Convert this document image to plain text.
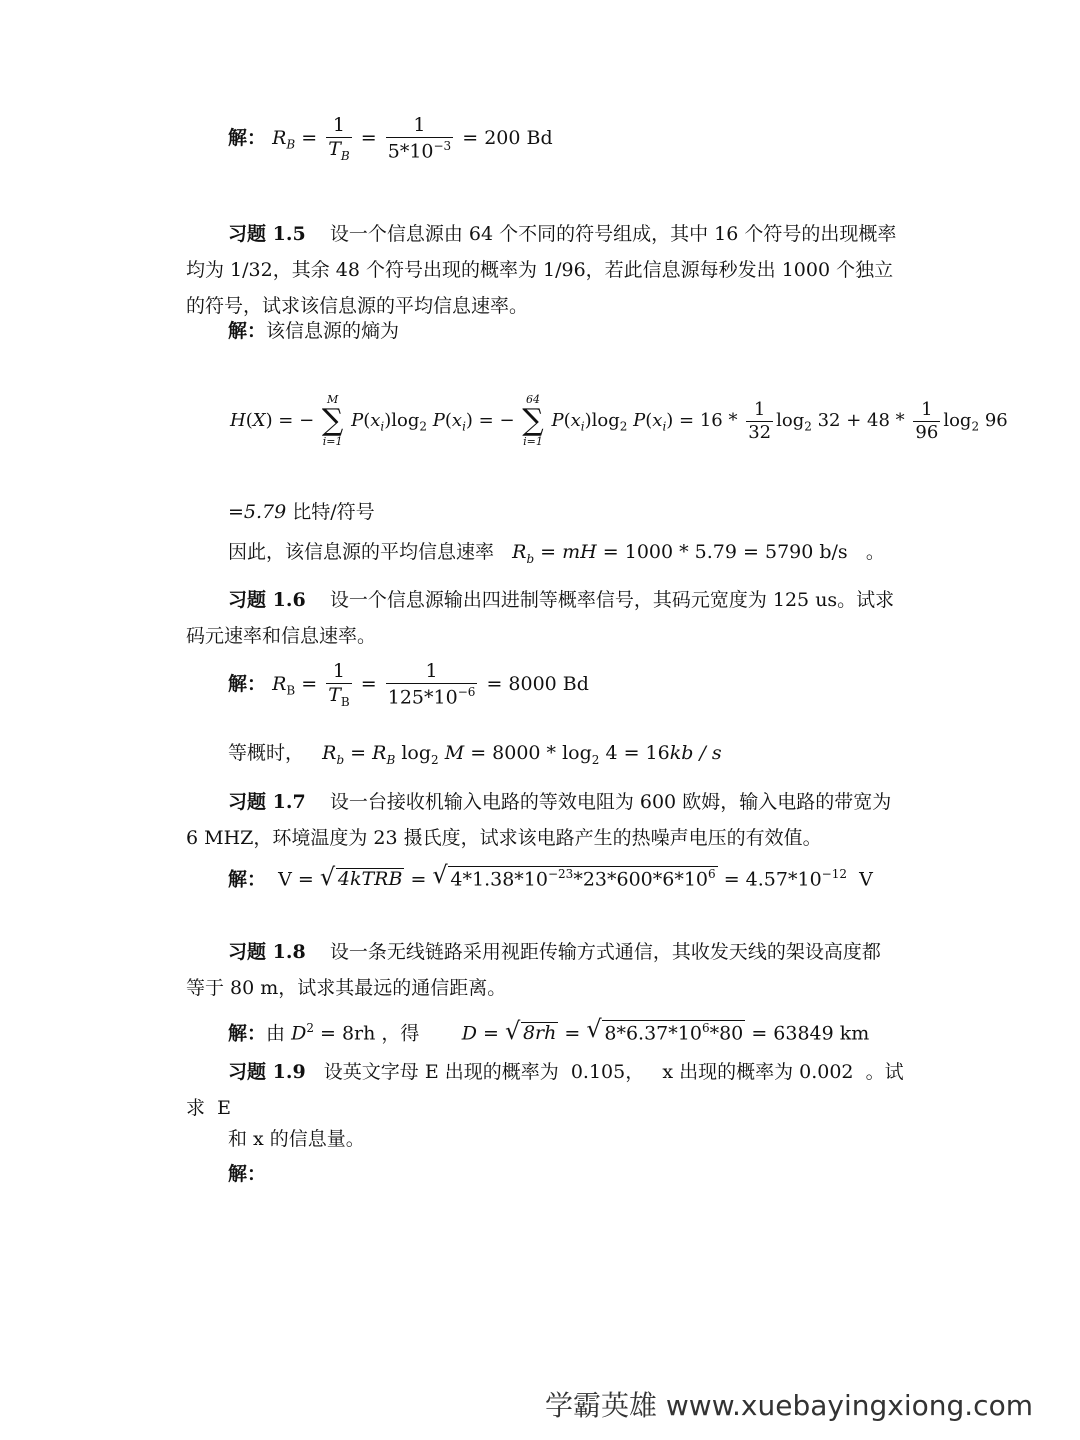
解： $R_B = \frac{1}{T_B} = \frac{1}{5*10^{-3}} = 200$ Bd
习题 1.5 设一个信息源由 64 个不同的符号组成，其中 16 个符号的出现概率均为 1/32，其余 48 个符号出现的概率为 1/96，若此信息源每秒发出 1000 个独立的符号，试求该信息源的平均信息速率。
解：该信息源的熵为
H(X) = −
M
∑
i=1
$P(x_i)\log_2$ $P(x_i)$ = −
64
∑
i=1
$P(x_i)\log_2$ $P(x_i) = 16 * \frac{1}{32} \log_2 32 + 48 * \frac{1}{96} \log_2 96$
=5.79 比特/符号
因此，该信息源的平均信息速率 $R_b$ = mH = 1000 * 5.79 = 5790 b/s 。
习题 1.6 设一个信息源输出四进制等概率信号，其码元宽度为 125 us。试求码元速率和信息速率。
解： $R_B = \frac{1}{T_B} = \frac{1}{125*10^{-6}} = 8000$ Bd
等概时， $R_b = R_B$ $\log_2 M = 8000 * \log_2 4 = 16kb / s$
习题 1.7 设一台接收机输入电路的等效电阻为 600 欧姆，输入电路的带宽为 6 MHZ，环境温度为 23 摄氏度，试求该电路产生的热噪声电压的有效值。
解： V = √ 4kTRB = √ $4*1.38*10^{-23}*23*600*6*10^6 = 4.57*10^{-12}$ V
习题 1.8 设一条无线链路采用视距传输方式通信，其收发天线的架设高度都等于 80 m，试求其最远的通信距离。
解：由 $D^2 = 8rh$ ，得 D = √ 8rh = √ $8*6.37*10^6*80 = 63849$ km
习题 1.9 设英文字母 E 出现的概率为  0.105，   x 出现的概率为 0.002  。试
求  E
和 x 的信息量。
解：
学霸英雄 www.xuebayingxiong.com
